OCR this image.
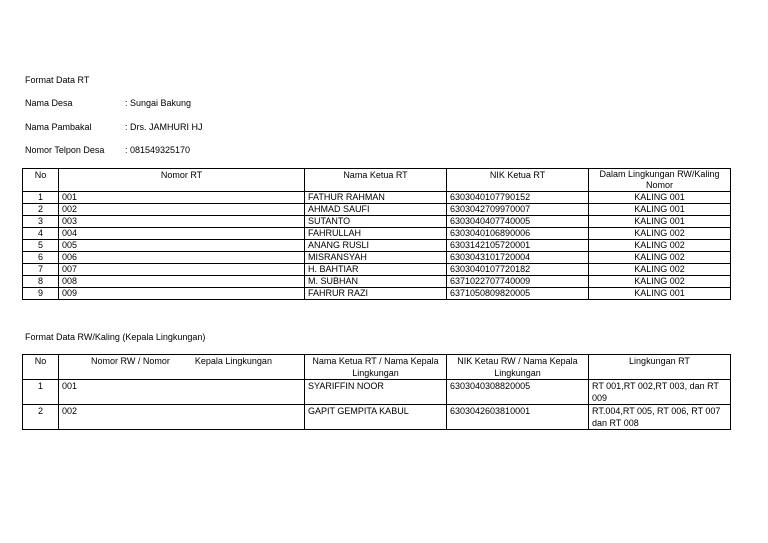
Format Data RT
Nama Desa	: Sungai Bakung
Nama Pambakal	: Drs. JAMHURI HJ
Nomor Telpon Desa : 081549325170
No	Nomor RT	Nama Ketua RT	NIK Ketua RT	Dalam Lingkungan RW/Kaling Nomor
1	001	FATHUR RAHMAN	6303040107790152	KALING 001
2	002	AHMAD SAUFI	6303042709970007	KALING 001
3	003	SUTANTO	6303040407740005	KALING 001
4	004	FAHRULLAH	6303040106890006	KALING 002
5	005	ANANG RUSLI	6303142105720001	KALING 002
6	006	MISRANSYAH	6303043101720004	KALING 002
7	007	H. BAHTIAR	6303040107720182	KALING 002
8	008	M. SUBHAN	6371022707740009	KALING 002
9	009	FAHRUR RAZI	6371050809820005	KALING 001
Format Data RW/Kaling (Kepala Lingkungan)
No	Nomor RW / Nomor          Kepala Lingkungan	Nama Ketua RT / Nama Kepala Lingkungan	NIK Ketau RW / Nama Kepala Lingkungan	Lingkungan RT
1	001	SYARIFFIN NOOR	6303040308820005	RT 001,RT 002,RT 003, dan RT 009
2	002	GAPIT GEMPITA KABUL	6303042603810001	RT.004,RT 005, RT 006, RT 007 dan RT 008
